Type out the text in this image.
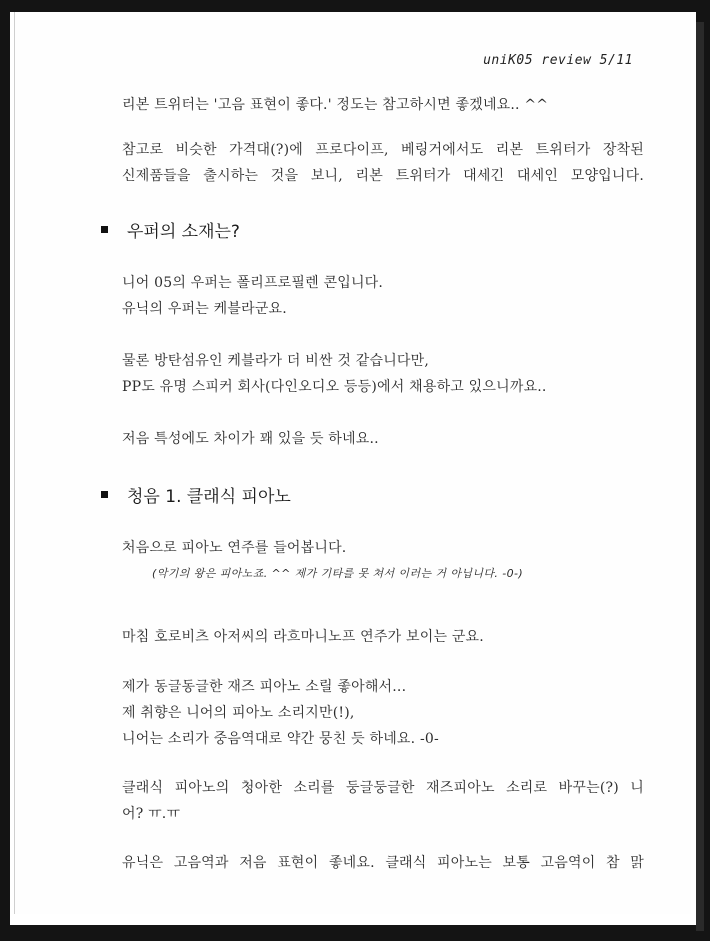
uniK05 review 5/11

리본 트위터는 '고음 표현이 좋다.' 정도는 참고하시면 좋겠네요.. ^^

참고로 비슷한 가격대(?)에 프로다이프, 베링거에서도 리본 트위터가 장착된

신제품들을 출시하는 것을 보니, 리본 트위터가 대세긴 대세인 모양입니다.

우퍼의 소재는?

니어 05의 우퍼는 폴리프로필렌 콘입니다.

유닉의 우퍼는 케블라군요.

물론 방탄섬유인 케블라가 더 비싼 것 같습니다만,

PP도 유명 스피커 회사(다인오디오 등등)에서 채용하고 있으니까요..

저음 특성에도 차이가 꽤 있을 듯 하네요..

청음 1. 클래식 피아노

처음으로 피아노 연주를 들어봅니다.

(악기의 왕은 피아노죠. ^^ 제가 기타를 못 쳐서 이러는 거 아닙니다. -0-)

마침 호로비츠 아저씨의 라흐마니노프 연주가 보이는 군요.

제가 동글동글한 재즈 피아노 소릴 좋아해서...

제 취향은 니어의 피아노 소리지만(!),

니어는 소리가 중음역대로 약간 뭉친 듯 하네요. -0-

클래식 피아노의 청아한 소리를 둥글둥글한 재즈피아노 소리로 바꾸는(?) 니

어? ㅠ.ㅠ

유닉은 고음역과 저음 표현이 좋네요. 클래식 피아노는 보통 고음역이 참 맑
